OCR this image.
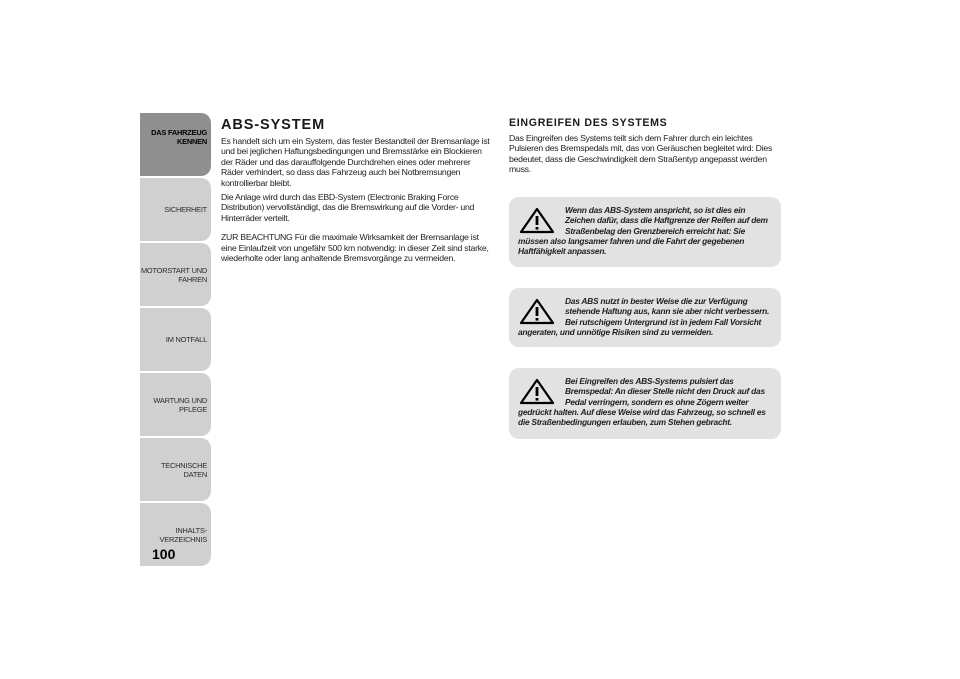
DAS FAHRZEUG
KENNEN
SICHERHEIT
MOTORSTART UND
FAHREN
IM NOTFALL
WARTUNG UND
PFLEGE
TECHNISCHE DATEN
INHALTS-
VERZEICHNIS
100
ABS-SYSTEM

Es handelt sich um ein System, das fester Bestandteil der Bremsanlage ist und bei jeglichen Haftungsbedingungen und Bremsstärke ein Blockieren der Räder und das darauffolgende Durchdrehen eines oder mehrerer Räder verhindert, so dass das Fahrzeug auch bei Notbremsungen kontrollierbar bleibt.

Die Anlage wird durch das EBD-System (Electronic Braking Force Distribution) vervollständigt, das die Bremswirkung auf die Vorder- und Hinterräder verteilt.

ZUR BEACHTUNG Für die maximale Wirksamkeit der Bremsanlage ist eine Einlaufzeit von ungefähr 500 km notwendig: in dieser Zeit sind starke, wiederholte oder lang anhaltende Bremsvorgänge zu vermeiden.

EINGREIFEN DES SYSTEMS

Das Eingreifen des Systems teilt sich dem Fahrer durch ein leichtes Pulsieren des Bremspedals mit, das von Geräuschen begleitet wird: Dies bedeutet, dass die Geschwindigkeit dem Straßentyp angepasst werden muss.

Wenn das ABS-System anspricht, so ist dies ein Zeichen dafür, dass die Haftgrenze der Reifen auf dem Straßenbelag den Grenzbereich erreicht hat: Sie müssen also langsamer fahren und die Fahrt der gegebenen Haftfähigkeit anpassen.

Das ABS nutzt in bester Weise die zur Verfügung stehende Haftung aus, kann sie aber nicht verbessern. Bei rutschigem Untergrund ist in jedem Fall Vorsicht angeraten, und unnötige Risiken sind zu vermeiden.

Bei Eingreifen des ABS-Systems pulsiert das Bremspedal: An dieser Stelle nicht den Druck auf das Pedal verringern, sondern es ohne Zögern weiter gedrückt halten. Auf diese Weise wird das Fahrzeug, so schnell es die Straßenbedingungen erlauben, zum Stehen gebracht.
